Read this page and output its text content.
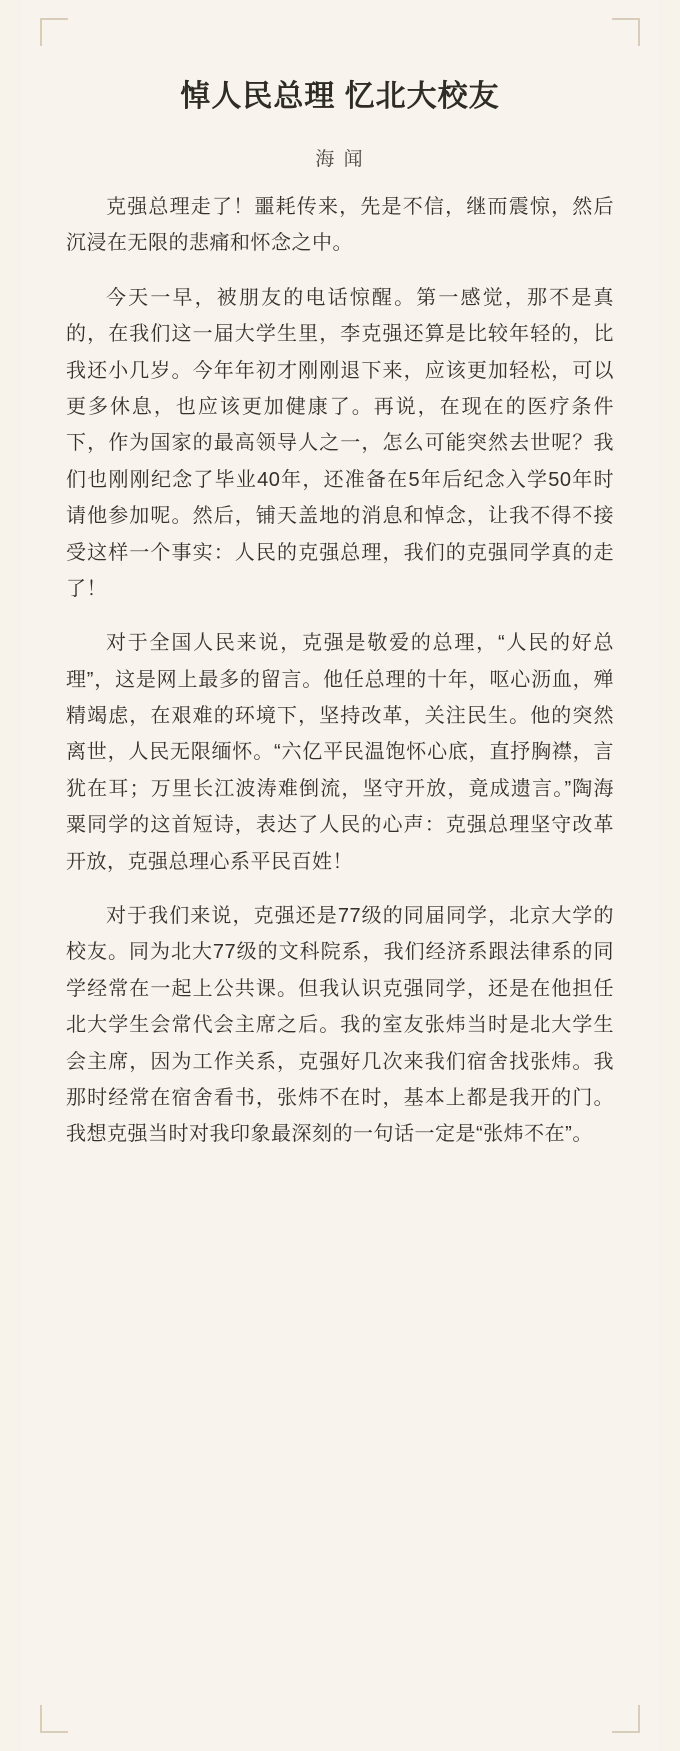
悼人民总理 忆北大校友
海 闻

克强总理走了！噩耗传来，先是不信，继而震惊，然后沉浸在无限的悲痛和怀念之中。

今天一早，被朋友的电话惊醒。第一感觉，那不是真的，在我们这一届大学生里，李克强还算是比较年轻的，比我还小几岁。今年年初才刚刚退下来，应该更加轻松，可以更多休息，也应该更加健康了。再说，在现在的医疗条件下，作为国家的最高领导人之一，怎么可能突然去世呢？我们也刚刚纪念了毕业40年，还准备在5年后纪念入学50年时请他参加呢。然后，铺天盖地的消息和悼念，让我不得不接受这样一个事实：人民的克强总理，我们的克强同学真的走了！

对于全国人民来说，克强是敬爱的总理，“人民的好总理”，这是网上最多的留言。他任总理的十年，呕心沥血，殚精竭虑，在艰难的环境下，坚持改革，关注民生。他的突然离世，人民无限缅怀。“六亿平民温饱怀心底，直抒胸襟，言犹在耳；万里长江波涛难倒流，坚守开放，竟成遗言。”陶海粟同学的这首短诗，表达了人民的心声：克强总理坚守改革开放，克强总理心系平民百姓！

对于我们来说，克强还是77级的同届同学，北京大学的校友。同为北大77级的文科院系，我们经济系跟法律系的同学经常在一起上公共课。但我认识克强同学，还是在他担任北大学生会常代会主席之后。我的室友张炜当时是北大学生会主席，因为工作关系，克强好几次来我们宿舍找张炜。我那时经常在宿舍看书，张炜不在时，基本上都是我开的门。我想克强当时对我印象最深刻的一句话一定是“张炜不在”。
